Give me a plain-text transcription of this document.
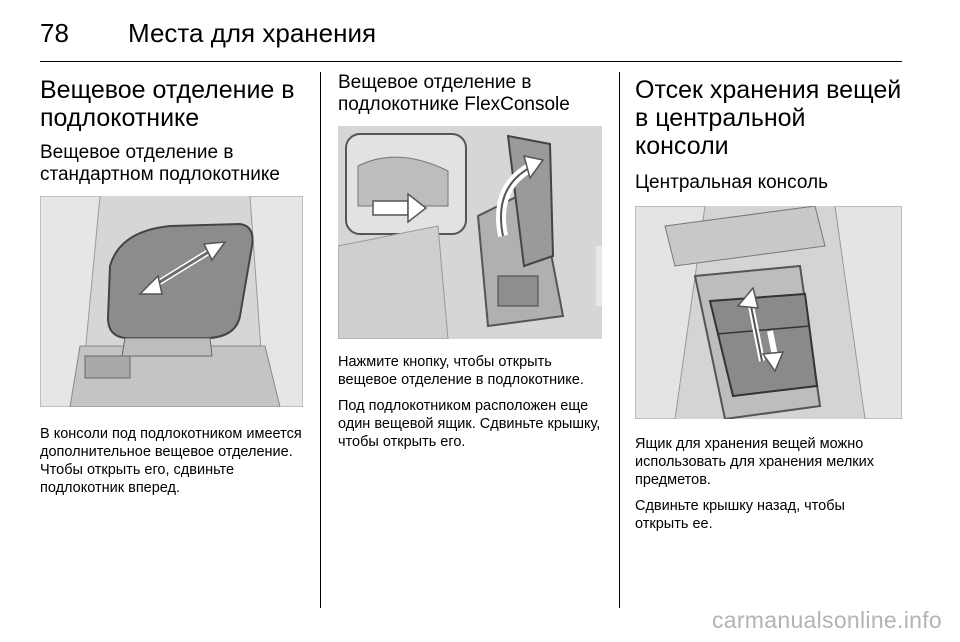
78 Места для хранения
Вещевое отделение в подлокотнике
Вещевое отделение в стандартном подлокотнике

В консоли под подлокотником имеется дополнительное вещевое отделение. Чтобы открыть его, сдвиньте подлокотник вперед.

Вещевое отделение в подлокотнике FlexConsole

Нажмите кнопку, чтобы открыть вещевое отделение в подлокотнике.

Под подлокотником расположен еще один вещевой ящик. Сдвиньте крышку, чтобы открыть его.

Отсек хранения вещей в центральной консоли
Центральная консоль

Ящик для хранения вещей можно использовать для хранения мелких предметов.

Сдвиньте крышку назад, чтобы открыть ее.

carmanualsonline.info
